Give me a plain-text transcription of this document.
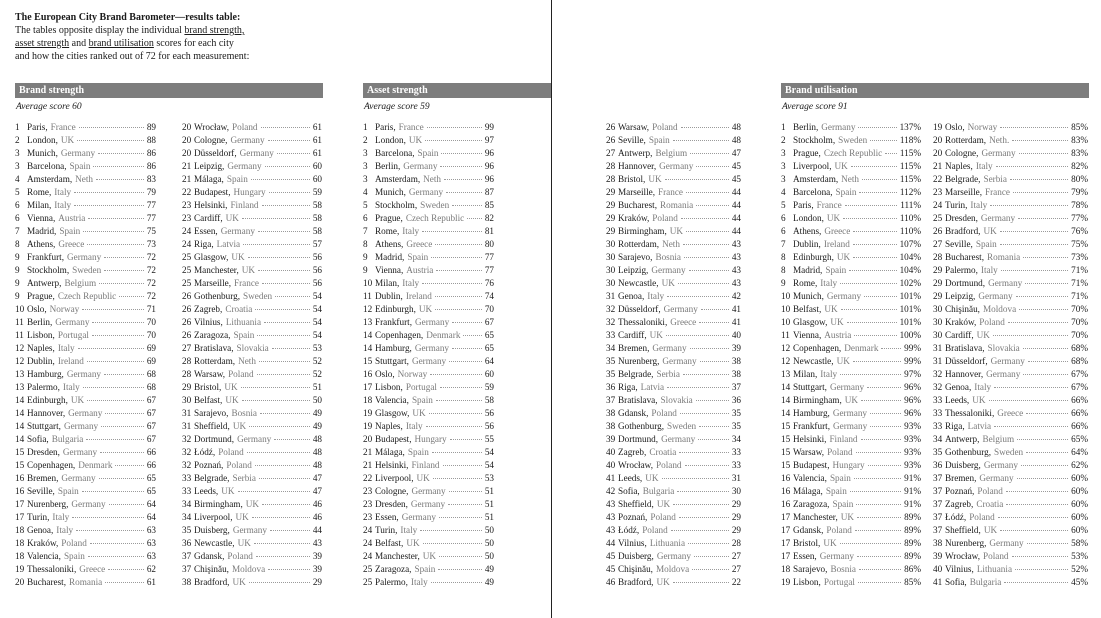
The European City Brand Barometer—results table:
The tables opposite display the individual brand strength,
asset strength and brand utilisation scores for each city
and how the cities ranked out of 72 for each measurement:
Brand strength
Average score 60
1 Paris, France	89
2 London, UK	88
3 Munich, Germany	86
3 Barcelona, Spain	86
4 Amsterdam, Neth	83
5 Rome, Italy	79
6 Milan, Italy	77
6 Vienna, Austria	77
7 Madrid, Spain	75
8 Athens, Greece	73
9 Frankfurt, Germany	72
9 Stockholm, Sweden	72
9 Antwerp, Belgium	72
9 Prague, Czech Republic	72
10 Oslo, Norway	71
11 Berlin, Germany	70
11 Lisbon, Portugal	70
12 Naples, Italy	69
12 Dublin, Ireland	69
13 Hamburg, Germany	68
13 Palermo, Italy	68
14 Edinburgh, UK	67
14 Hannover, Germany	67
14 Stuttgart, Germany	67
14 Sofia, Bulgaria	67
15 Dresden, Germany	66
15 Copenhagen, Denmark	66
16 Bremen, Germany	65
16 Seville, Spain	65
17 Nurenberg, Germany	64
17 Turin, Italy	64
18 Genoa, Italy	63
18 Kraków, Poland	63
18 Valencia, Spain	63
19 Thessaloniki, Greece	62
20 Bucharest, Romania	61
20 Wrocław, Poland	61
20 Cologne, Germany	61
20 Düsseldorf, Germany	61
21 Leipzig, Germany	60
21 Málaga, Spain	60
22 Budapest, Hungary	59
23 Helsinki, Finland	58
23 Cardiff, UK	58
24 Essen, Germany	58
24 Riga, Latvia	57
25 Glasgow, UK	56
25 Manchester, UK	56
25 Marseille, France	56
26 Gothenburg, Sweden	54
26 Zagreb, Croatia	54
26 Vilnius, Lithuania	54
26 Zaragoza, Spain	54
27 Bratislava, Slovakia	53
28 Rotterdam, Neth	52
28 Warsaw, Poland	52
29 Bristol, UK	51
30 Belfast, UK	50
31 Sarajevo, Bosnia	49
31 Sheffield, UK	49
32 Dortmund, Germany	48
32 Łódź, Poland	48
32 Poznań, Poland	48
33 Belgrade, Serbia	47
33 Leeds, UK	47
34 Birmingham, UK	46
34 Liverpool, UK	46
35 Duisberg, Germany	44
36 Newcastle, UK	43
37 Gdansk, Poland	39
37 Chişinău, Moldova	39
38 Bradford, UK	29
Asset strength
Average score 59
1 Paris, France	99
2 London, UK	97
3 Barcelona, Spain	96
3 Berlin, Germany	96
3 Amsterdam, Neth	96
4 Munich, Germany	87
5 Stockholm, Sweden	85
6 Prague, Czech Republic 82
7 Rome, Italy	81
8 Athens, Greece	80
9 Madrid, Spain	77
9 Vienna, Austria	77
10 Milan, Italy	76
11 Dublin, Ireland	74
12 Edinburgh, UK	70
13 Frankfurt, Germany	67
14 Copenhagen, Denmark	65
14 Hamburg, Germany	65
15 Stuttgart, Germany	64
16 Oslo, Norway	60
17 Lisbon, Portugal	59
18 Valencia, Spain	58
19 Glasgow, UK	56
19 Naples, Italy	56
20 Budapest, Hungary	55
21 Málaga, Spain	54
21 Helsinki, Finland	54
22 Liverpool, UK	53
23 Cologne, Germany	51
23 Dresden, Germany	51
23 Essen, Germany	51
24 Turin, Italy	50
24 Belfast, UK	50
24 Manchester, UK	50
25 Zaragoza, Spain	49
25 Palermo, Italy	49
26 Warsaw, Poland	48
26 Seville, Spain	48
27 Antwerp, Belgium	47
28 Hannover, Germany	45
28 Bristol, UK	45
29 Marseille, France	44
29 Bucharest, Romania	44
29 Kraków, Poland	44
29 Birmingham, UK	44
30 Rotterdam, Neth	43
30 Sarajevo, Bosnia	43
30 Leipzig, Germany	43
30 Newcastle, UK	43
31 Genoa, Italy	42
32 Düsseldorf, Germany	41
32 Thessaloniki, Greece	41
33 Cardiff, UK	40
34 Bremen, Germany	39
35 Nurenberg, Germany	38
35 Belgrade, Serbia	38
36 Riga, Latvia	37
37 Bratislava, Slovakia	36
38 Gdansk, Poland	35
38 Gothenburg, Sweden	35
39 Dortmund, Germany	34
40 Zagreb, Croatia	33
40 Wrocław, Poland	33
41 Leeds, UK	31
42 Sofia, Bulgaria	30
43 Sheffield, UK	29
43 Poznań, Poland	29
43 Łódź, Poland	29
44 Vilnius, Lithuania	28
45 Duisberg, Germany	27
45 Chişinău, Moldova	27
46 Bradford, UK	22
Brand utilisation
Average score 91
1 Berlin, Germany	137%
2 Stockholm, Sweden	118%
3 Prague, Czech Republic 115%
3 Liverpool, UK	115%
3 Amsterdam, Neth	115%
4 Barcelona, Spain	112%
5 Paris, France	111%
6 London, UK	110%
6 Athens, Greece	110%
7 Dublin, Ireland	107%
8 Edinburgh, UK	104%
8 Madrid, Spain	104%
9 Rome, Italy	102%
10 Munich, Germany	101%
10 Belfast, UK	101%
10 Glasgow, UK	101%
11 Vienna, Austria	100%
12 Copenhagen, Denmark	99%
12 Newcastle, UK	99%
13 Milan, Italy	97%
14 Stuttgart, Germany	96%
14 Birmingham, UK	96%
14 Hamburg, Germany	96%
15 Frankfurt, Germany	93%
15 Helsinki, Finland	93%
15 Warsaw, Poland	93%
15 Budapest, Hungary	93%
16 Valencia, Spain	91%
16 Málaga, Spain	91%
16 Zaragoza, Spain	91%
17 Manchester, UK	89%
17 Gdansk, Poland	89%
17 Bristol, UK	89%
17 Essen, Germany	89%
18 Sarajevo, Bosnia	86%
19 Lisbon, Portugal	85%
19 Oslo, Norway	85%
20 Rotterdam, Neth.	83%
20 Cologne, Germany	83%
21 Naples, Italy	82%
22 Belgrade, Serbia	80%
23 Marseille, France	79%
24 Turin, Italy	78%
25 Dresden, Germany	77%
26 Bradford, UK	76%
27 Seville, Spain	75%
28 Bucharest, Romania	73%
29 Palermo, Italy	71%
29 Dortmund, Germany	71%
29 Leipzig, Germany	71%
30 Chişinău, Moldova	70%
30 Kraków, Poland	70%
30 Cardiff, UK	70%
31 Bratislava, Slovakia	68%
31 Düsseldorf, Germany	68%
32 Hannover, Germany	67%
32 Genoa, Italy	67%
33 Leeds, UK	66%
33 Thessaloniki, Greece	66%
33 Riga, Latvia	66%
34 Antwerp, Belgium	65%
35 Gothenburg, Sweden	64%
36 Duisberg, Germany	62%
37 Bremen, Germany	60%
37 Poznań, Poland	60%
37 Zagreb, Croatia	60%
37 Łódź, Poland	60%
37 Sheffield, UK	60%
38 Nurenberg, Germany	58%
39 Wrocław, Poland	53%
40 Vilnius, Lithuania	52%
41 Sofia, Bulgaria	45%
